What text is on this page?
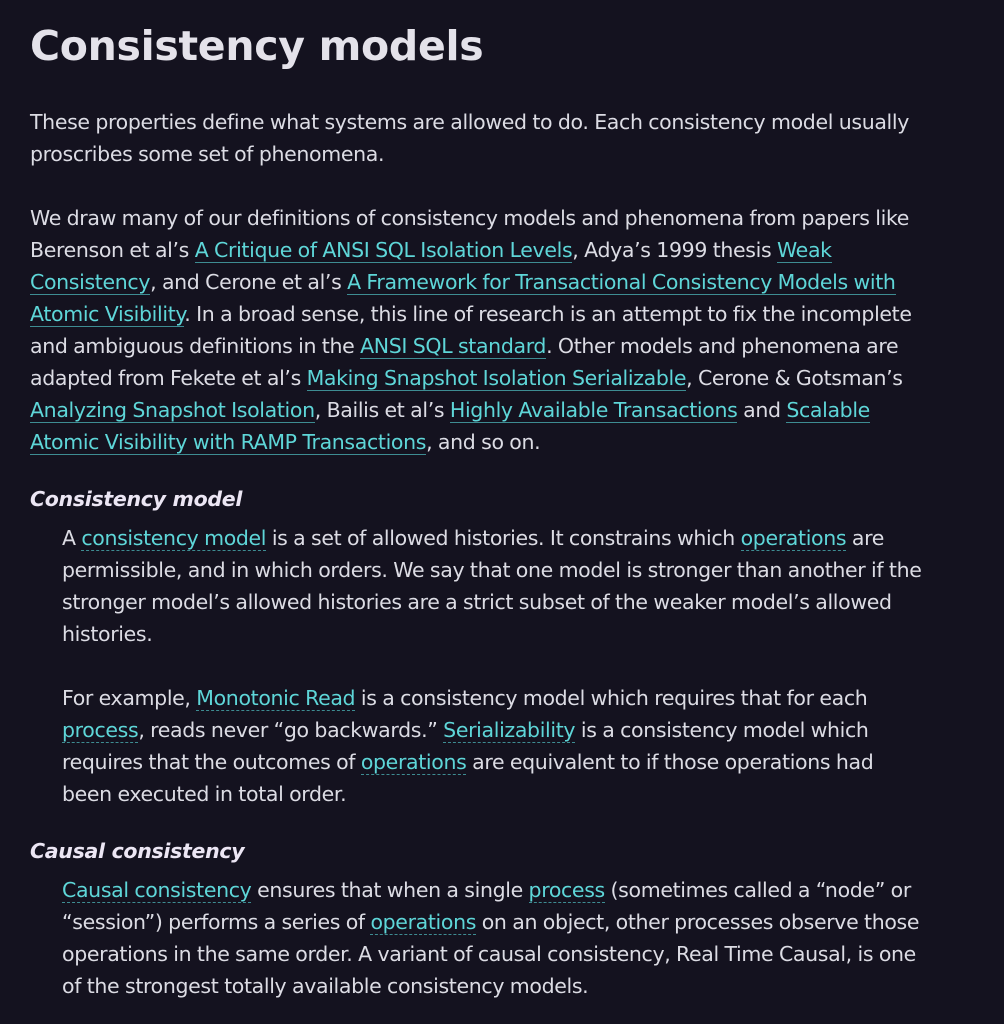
Consistency models
These properties define what systems are allowed to do. Each consistency model usually
proscribes some set of phenomena.
We draw many of our definitions of consistency models and phenomena from papers like
Berenson et al’s A Critique of ANSI SQL Isolation Levels, Adya’s 1999 thesis Weak
Consistency, and Cerone et al’s A Framework for Transactional Consistency Models with
Atomic Visibility. In a broad sense, this line of research is an attempt to fix the incomplete
and ambiguous definitions in the ANSI SQL standard. Other models and phenomena are
adapted from Fekete et al’s Making Snapshot Isolation Serializable, Cerone & Gotsman’s
Analyzing Snapshot Isolation, Bailis et al’s Highly Available Transactions and Scalable
Atomic Visibility with RAMP Transactions, and so on.
Consistency model
A consistency model is a set of allowed histories. It constrains which operations are
permissible, and in which orders. We say that one model is stronger than another if the
stronger model’s allowed histories are a strict subset of the weaker model’s allowed
histories.
For example, Monotonic Read is a consistency model which requires that for each
process, reads never “go backwards.” Serializability is a consistency model which
requires that the outcomes of operations are equivalent to if those operations had
been executed in total order.
Causal consistency
Causal consistency ensures that when a single process (sometimes called a “node” or
“session”) performs a series of operations on an object, other processes observe those
operations in the same order. A variant of causal consistency, Real Time Causal, is one
of the strongest totally available consistency models.
